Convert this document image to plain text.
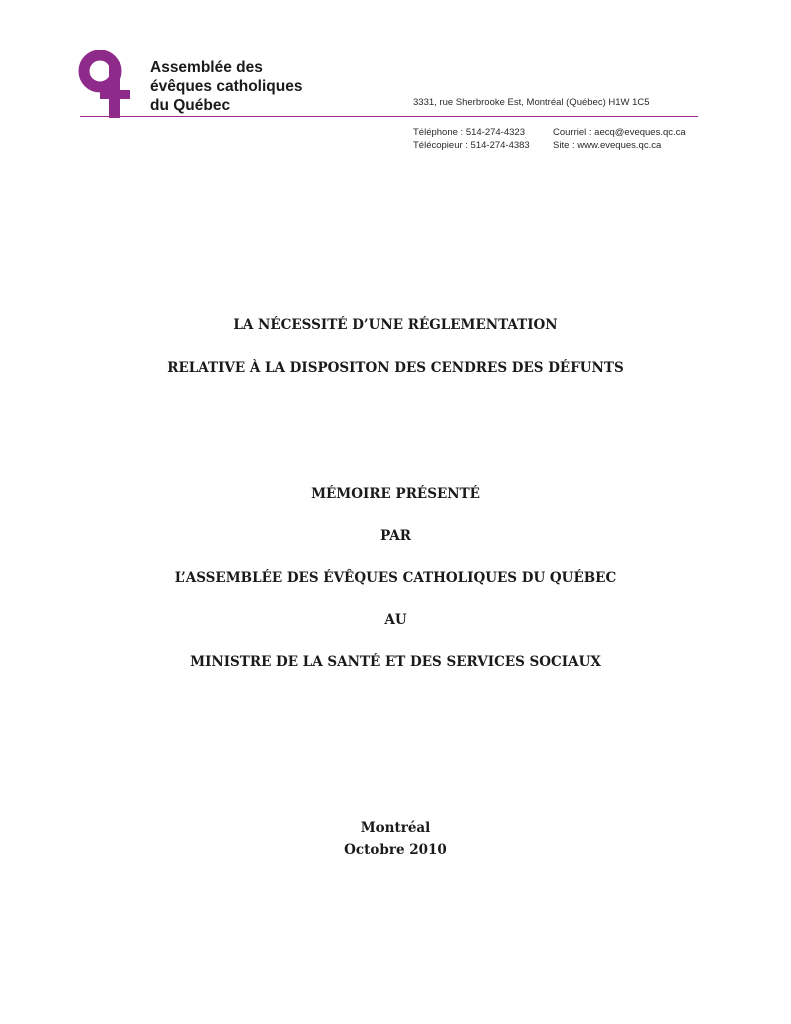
Assemblée des
évêques catholiques
du Québec	3331, rue Sherbrooke Est, Montréal (Québec) H1W 1C5
Téléphone : 514-274-4323	Courriel : aecq@eveques.qc.ca
Télécopieur : 514-274-4383	Site : www.eveques.qc.ca
LA NÉCESSITÉ D’UNE RÉGLEMENTATION
RELATIVE À LA DISPOSITON DES CENDRES DES DÉFUNTS
MÉMOIRE PRÉSENTÉ
PAR
L’ASSEMBLÉE DES ÉVÊQUES CATHOLIQUES DU QUÉBEC
AU
MINISTRE DE LA SANTÉ ET DES SERVICES SOCIAUX
Montréal
Octobre 2010
